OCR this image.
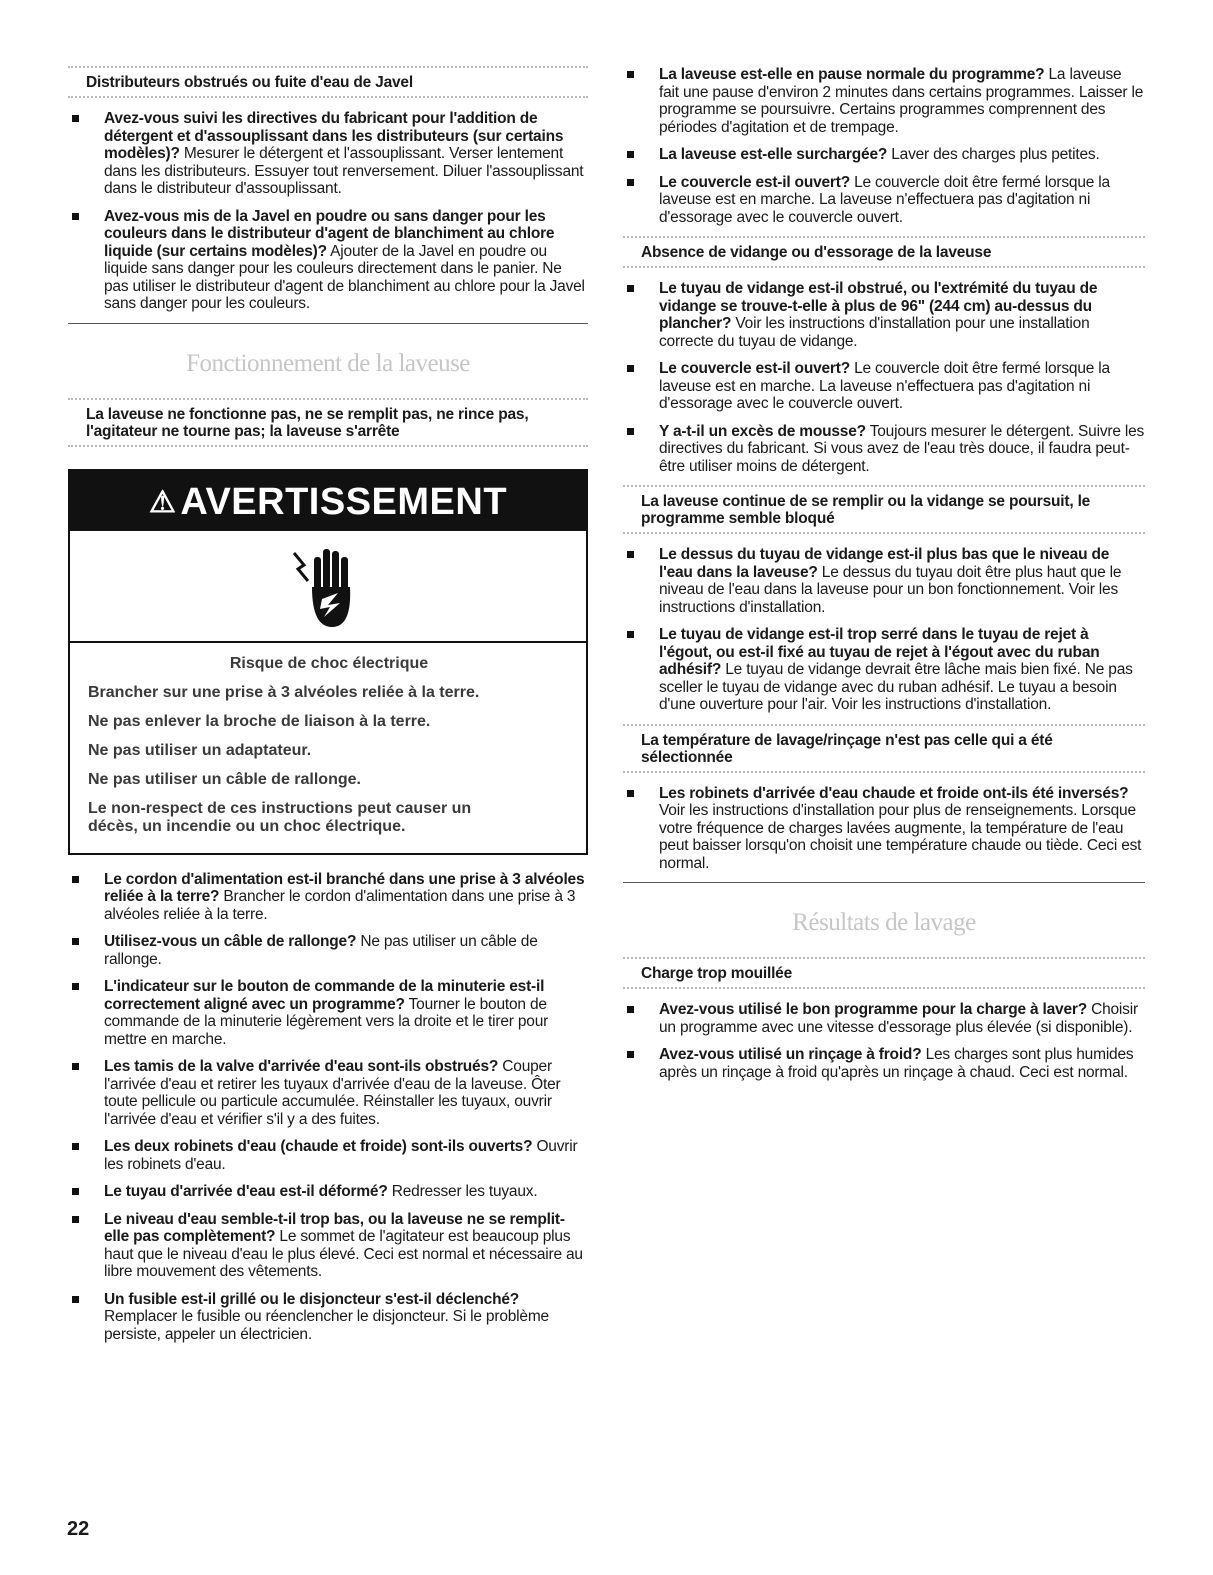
Distributeurs obstrués ou fuite d'eau de Javel
Avez-vous suivi les directives du fabricant pour l'addition de détergent et d'assouplissant dans les distributeurs (sur certains modèles)? Mesurer le détergent et l'assouplissant. Verser lentement dans les distributeurs. Essuyer tout renversement. Diluer l'assouplissant dans le distributeur d'assouplissant.
Avez-vous mis de la Javel en poudre ou sans danger pour les couleurs dans le distributeur d'agent de blanchiment au chlore liquide (sur certains modèles)? Ajouter de la Javel en poudre ou liquide sans danger pour les couleurs directement dans le panier. Ne pas utiliser le distributeur d'agent de blanchiment au chlore pour la Javel sans danger pour les couleurs.
Fonctionnement de la laveuse
La laveuse ne fonctionne pas, ne se remplit pas, ne rince pas, l'agitateur ne tourne pas; la laveuse s'arrête
⚠ AVERTISSEMENT

Risque de choc électrique

Brancher sur une prise à 3 alvéoles reliée à la terre.

Ne pas enlever la broche de liaison à la terre.

Ne pas utiliser un adaptateur.

Ne pas utiliser un câble de rallonge.

Le non-respect de ces instructions peut causer un décès, un incendie ou un choc électrique.

Le cordon d'alimentation est-il branché dans une prise à 3 alvéoles reliée à la terre? Brancher le cordon d'alimentation dans une prise à 3 alvéoles reliée à la terre.
Utilisez-vous un câble de rallonge? Ne pas utiliser un câble de rallonge.
L'indicateur sur le bouton de commande de la minuterie est-il correctement aligné avec un programme? Tourner le bouton de commande de la minuterie légèrement vers la droite et le tirer pour mettre en marche.
Les tamis de la valve d'arrivée d'eau sont-ils obstrués? Couper l'arrivée d'eau et retirer les tuyaux d'arrivée d'eau de la laveuse. Ôter toute pellicule ou particule accumulée. Réinstaller les tuyaux, ouvrir l'arrivée d'eau et vérifier s'il y a des fuites.
Les deux robinets d'eau (chaude et froide) sont-ils ouverts? Ouvrir les robinets d'eau.
Le tuyau d'arrivée d'eau est-il déformé? Redresser les tuyaux.
Le niveau d'eau semble-t-il trop bas, ou la laveuse ne se remplit-elle pas complètement? Le sommet de l'agitateur est beaucoup plus haut que le niveau d'eau le plus élevé. Ceci est normal et nécessaire au libre mouvement des vêtements.
Un fusible est-il grillé ou le disjoncteur s'est-il déclenché? Remplacer le fusible ou réenclencher le disjoncteur. Si le problème persiste, appeler un électricien.
La laveuse est-elle en pause normale du programme? La laveuse fait une pause d'environ 2 minutes dans certains programmes. Laisser le programme se poursuivre. Certains programmes comprennent des périodes d'agitation et de trempage.
La laveuse est-elle surchargée? Laver des charges plus petites.
Le couvercle est-il ouvert? Le couvercle doit être fermé lorsque la laveuse est en marche. La laveuse n'effectuera pas d'agitation ni d'essorage avec le couvercle ouvert.
Absence de vidange ou d'essorage de la laveuse
Le tuyau de vidange est-il obstrué, ou l'extrémité du tuyau de vidange se trouve-t-elle à plus de 96" (244 cm) au-dessus du plancher? Voir les instructions d'installation pour une installation correcte du tuyau de vidange.
Le couvercle est-il ouvert? Le couvercle doit être fermé lorsque la laveuse est en marche. La laveuse n'effectuera pas d'agitation ni d'essorage avec le couvercle ouvert.
Y a-t-il un excès de mousse? Toujours mesurer le détergent. Suivre les directives du fabricant. Si vous avez de l'eau très douce, il faudra peut-être utiliser moins de détergent.
La laveuse continue de se remplir ou la vidange se poursuit, le programme semble bloqué
Le dessus du tuyau de vidange est-il plus bas que le niveau de l'eau dans la laveuse? Le dessus du tuyau doit être plus haut que le niveau de l'eau dans la laveuse pour un bon fonctionnement. Voir les instructions d'installation.
Le tuyau de vidange est-il trop serré dans le tuyau de rejet à l'égout, ou est-il fixé au tuyau de rejet à l'égout avec du ruban adhésif? Le tuyau de vidange devrait être lâche mais bien fixé. Ne pas sceller le tuyau de vidange avec du ruban adhésif. Le tuyau a besoin d'une ouverture pour l'air. Voir les instructions d'installation.
La température de lavage/rinçage n'est pas celle qui a été sélectionnée
Les robinets d'arrivée d'eau chaude et froide ont-ils été inversés? Voir les instructions d'installation pour plus de renseignements. Lorsque votre fréquence de charges lavées augmente, la température de l'eau peut baisser lorsqu'on choisit une température chaude ou tiède. Ceci est normal.
Résultats de lavage
Charge trop mouillée
Avez-vous utilisé le bon programme pour la charge à laver? Choisir un programme avec une vitesse d'essorage plus élevée (si disponible).
Avez-vous utilisé un rinçage à froid? Les charges sont plus humides après un rinçage à froid qu'après un rinçage à chaud. Ceci est normal.
22
